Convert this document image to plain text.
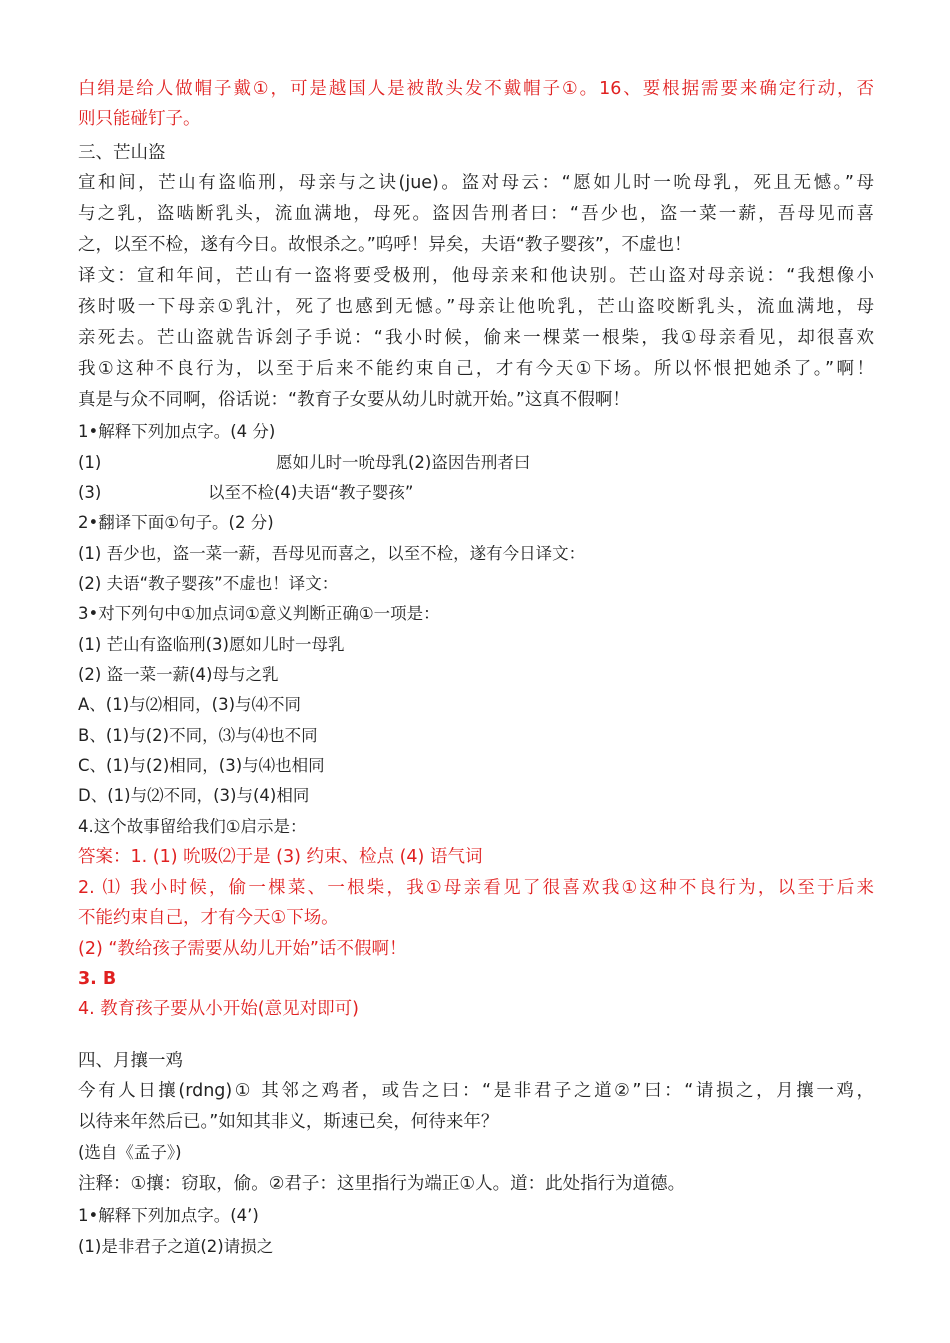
白绢是给人做帽子戴①，可是越国人是被散头发不戴帽子①。16、要根据需要来确定行动，否
则只能碰钉子。
三、芒山盗
宣和间，芒山有盗临刑，母亲与之诀(jue)。盗对母云：“愿如儿时一吮母乳，死且无憾。”母
与之乳，盗啮断乳头，流血满地，母死。盗因告刑者曰：“吾少也，盗一菜一薪，吾母见而喜
之，以至不检，遂有今日。故恨杀之。”呜呼！异矣，夫语“教子婴孩”，不虚也！
译文：宣和年间，芒山有一盗将要受极刑，他母亲来和他诀别。芒山盗对母亲说：“我想像小
孩时吸一下母亲①乳汁，死了也感到无憾。”母亲让他吮乳，芒山盗咬断乳头，流血满地，母
亲死去。芒山盗就告诉刽子手说：“我小时候，偷来一棵菜一根柴，我①母亲看见，却很喜欢
我①这种不良行为，以至于后来不能约束自己，才有今天①下场。所以怀恨把她杀了。”啊！
真是与众不同啊，俗话说：“教育子女要从幼儿时就开始。”这真不假啊！
1•解释下列加点字。(4 分)
(1)	愿如儿时一吮母乳(2)盗因告刑者曰
(3)	以至不检(4)夫语“教子婴孩”
2•翻译下面①句子。(2 分)
(1) 吾少也，盗一菜一薪，吾母见而喜之，以至不检，遂有今日译文：
(2) 夫语“教子婴孩”不虚也！译文：
3•对下列句中①加点词①意义判断正确①一项是：
(1) 芒山有盗临刑(3)愿如儿时一母乳
(2) 盗一菜一薪(4)母与之乳
A、(1)与⑵相同，(3)与⑷不同
B、(1)与(2)不同，⑶与⑷也不同
C、(1)与(2)相同，(3)与⑷也相同
D、(1)与⑵不同，(3)与(4)相同
4.这个故事留给我们①启示是：
答案：1. (1) 吮吸⑵于是 (3) 约束、检点 (4) 语气词
2. ⑴ 我小时候，偷一棵菜、一根柴，我①母亲看见了很喜欢我①这种不良行为，以至于后来
不能约束自己，才有今天①下场。
(2) “教给孩子需要从幼儿开始”话不假啊！
3. B
4. 教育孩子要从小开始(意见对即可)
四、月攘一鸡
今有人日攘(rdng)① 其邻之鸡者，或告之曰：“是非君子之道②”曰：“请损之，月攘一鸡，
以待来年然后已。”如知其非义，斯速已矣，何待来年？
(选自《孟子》)
注释：①攘：窃取，偷。②君子：这里指行为端正①人。道：此处指行为道德。
1•解释下列加点字。(4’)
(1)是非君子之道(2)请损之
